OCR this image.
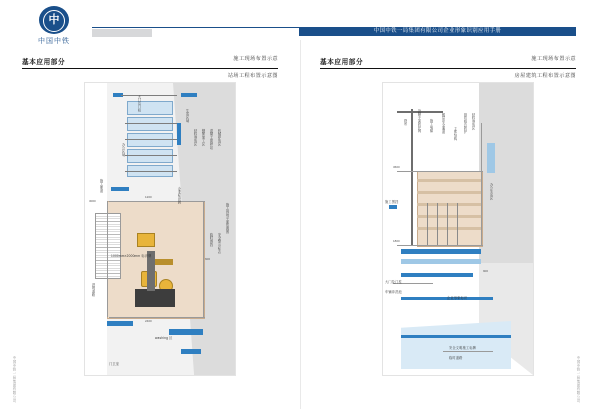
中
中国中铁
中国中铁一局集团有限公司企业形象识别应用手册
基本应用部分	施工现场布置示意
站场工程布置示意图
大门及门柱
办公区域
生活区域
材料堆放区	钢筋加工区	混凝土搅拌站	机械停放区
施工便道
临时围挡	安全警示标志
企业标识牌
施工现场平面布置图
1000mm×2000mm 标识牌
进场道路
washing 区
门卫室
1200
2400
600
3000
基本应用部分	施工现场布置示意
房屋建筑工程布置示意图
塔吊	外脚手架防护网	施工电梯	楼层安全通道
主体结构
基坑临边防护	材料堆放区
办公生活区
施工围挡
大门及门柱
车辆冲洗池
企业形象标识
安全文明施工标牌
临时道路
3600
1800
900
中国中铁一局集团有限公司	中国中铁一局集团有限公司
